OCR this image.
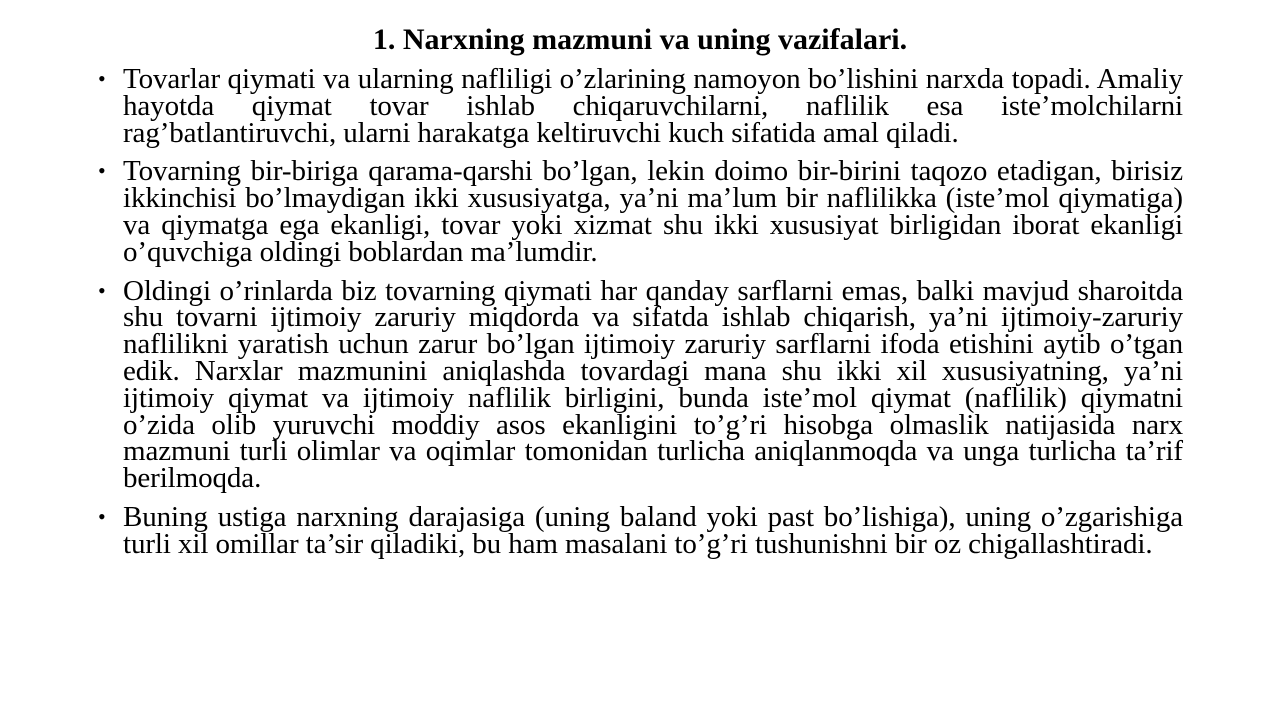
1. Narxning mazmuni va uning vazifalari.
• Tovarlar qiymati va ularning nafliligi o’zlarining namoyon bo’lishini narxda topadi. Amaliy hayotda qiymat tovar ishlab chiqaruvchilarni, naflilik esa iste’molchilarni rag’batlantiruvchi, ularni harakatga keltiruvchi kuch sifatida amal qiladi.
• Tovarning bir-biriga qarama-qarshi bo’lgan, lekin doimo bir-birini taqozo etadigan, birisiz ikkinchisi bo’lmaydigan ikki xususiyatga, ya’ni ma’lum bir naflilikka (iste’mol qiymatiga) va qiymatga ega ekanligi, tovar yoki xizmat shu ikki xususiyat birligidan iborat ekanligi o’quvchiga oldingi boblardan ma’lumdir.
• Oldingi o’rinlarda biz tovarning qiymati har qanday sarflarni emas, balki mavjud sharoitda shu tovarni ijtimoiy zaruriy miqdorda va sifatda ishlab chiqarish, ya’ni ijtimoiy-zaruriy naflilikni yaratish uchun zarur bo’lgan ijtimoiy zaruriy sarflarni ifoda etishini aytib o’tgan edik. Narxlar mazmunini aniqlashda tovardagi mana shu ikki xil xususiyatning, ya’ni ijtimoiy qiymat va ijtimoiy naflilik birligini, bunda iste’mol qiymat (naflilik) qiymatni o’zida olib yuruvchi moddiy asos ekanligini to’g’ri hisobga olmaslik natijasida narx mazmuni turli olimlar va oqimlar tomonidan turlicha aniqlanmoqda va unga turlicha ta’rif berilmoqda.
• Buning ustiga narxning darajasiga (uning baland yoki past bo’lishiga), uning o’zgarishiga turli xil omillar ta’sir qiladiki, bu ham masalani to’g’ri tushunishni bir oz chigallashtiradi.
